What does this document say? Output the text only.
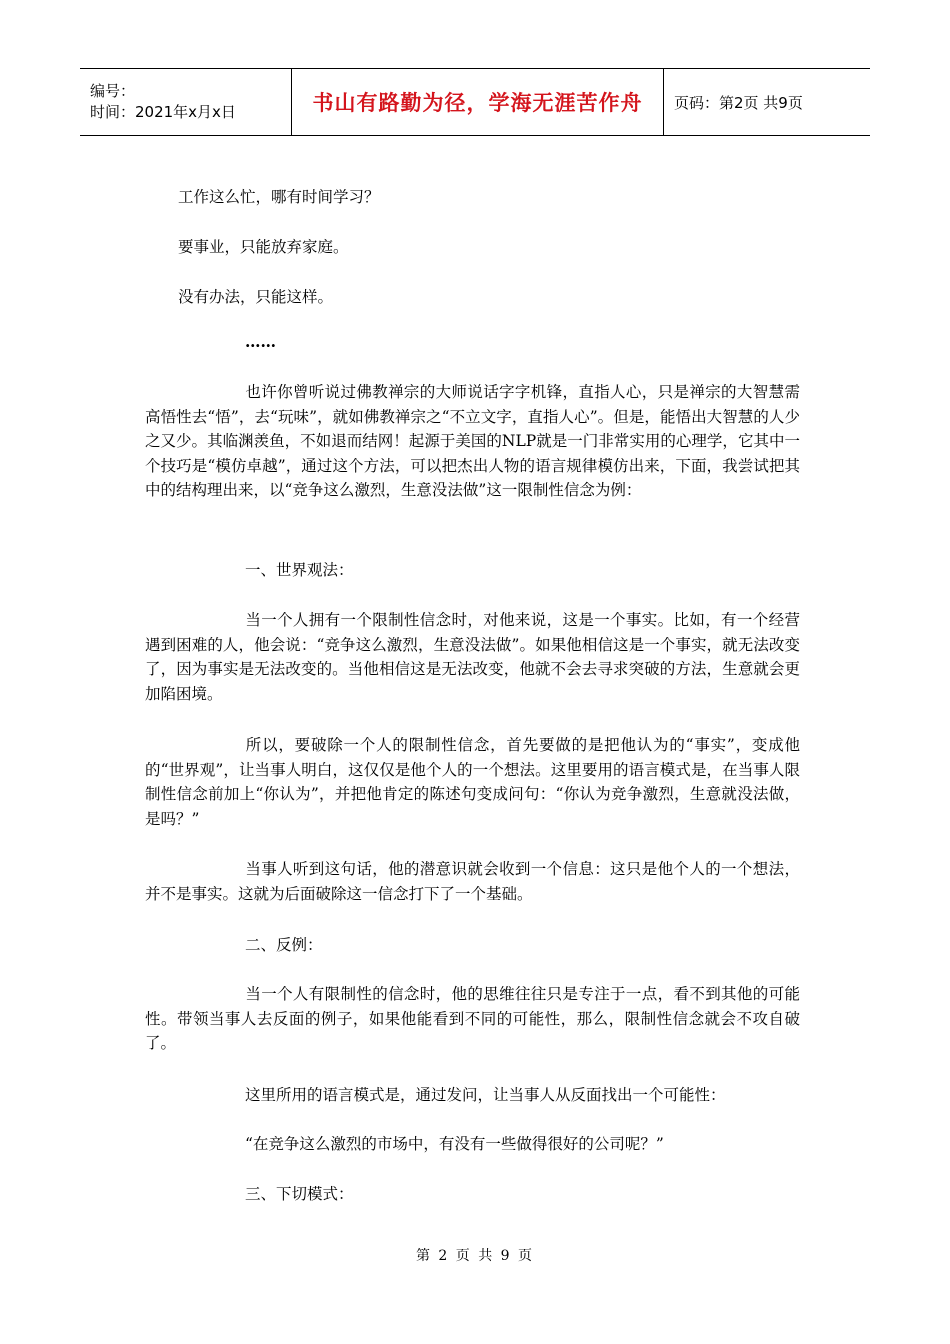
编号：
时间：2021年x月x日	书山有路勤为径，学海无涯苦作舟	页码：第2页 共9页
工作这么忙，哪有时间学习？
要事业，只能放弃家庭。
没有办法，只能这样。
……
也许你曾听说过佛教禅宗的大师说话字字机锋，直指人心，只是禅宗的大智慧需高悟性去“悟”，去“玩味”，就如佛教禅宗之“不立文字，直指人心”。但是，能悟出大智慧的人少之又少。其临渊羡鱼，不如退而结网！起源于美国的NLP就是一门非常实用的心理学，它其中一个技巧是“模仿卓越”，通过这个方法，可以把杰出人物的语言规律模仿出来，下面，我尝试把其中的结构理出来，以“竞争这么激烈，生意没法做”这一限制性信念为例：
一、世界观法：
当一个人拥有一个限制性信念时，对他来说，这是一个事实。比如，有一个经营遇到困难的人，他会说：“竞争这么激烈，生意没法做”。如果他相信这是一个事实，就无法改变了，因为事实是无法改变的。当他相信这是无法改变，他就不会去寻求突破的方法，生意就会更加陷困境。
所以，要破除一个人的限制性信念，首先要做的是把他认为的“事实”，变成他的“世界观”，让当事人明白，这仅仅是他个人的一个想法。这里要用的语言模式是，在当事人限制性信念前加上“你认为”，并把他肯定的陈述句变成问句：“你认为竞争激烈，生意就没法做，是吗？”
当事人听到这句话，他的潜意识就会收到一个信息：这只是他个人的一个想法，并不是事实。这就为后面破除这一信念打下了一个基础。
二、反例：
当一个人有限制性的信念时，他的思维往往只是专注于一点，看不到其他的可能性。带领当事人去反面的例子，如果他能看到不同的可能性，那么，限制性信念就会不攻自破了。
这里所用的语言模式是，通过发问，让当事人从反面找出一个可能性：
“在竞争这么激烈的市场中，有没有一些做得很好的公司呢？”
三、下切模式：
第 2 页 共 9 页
